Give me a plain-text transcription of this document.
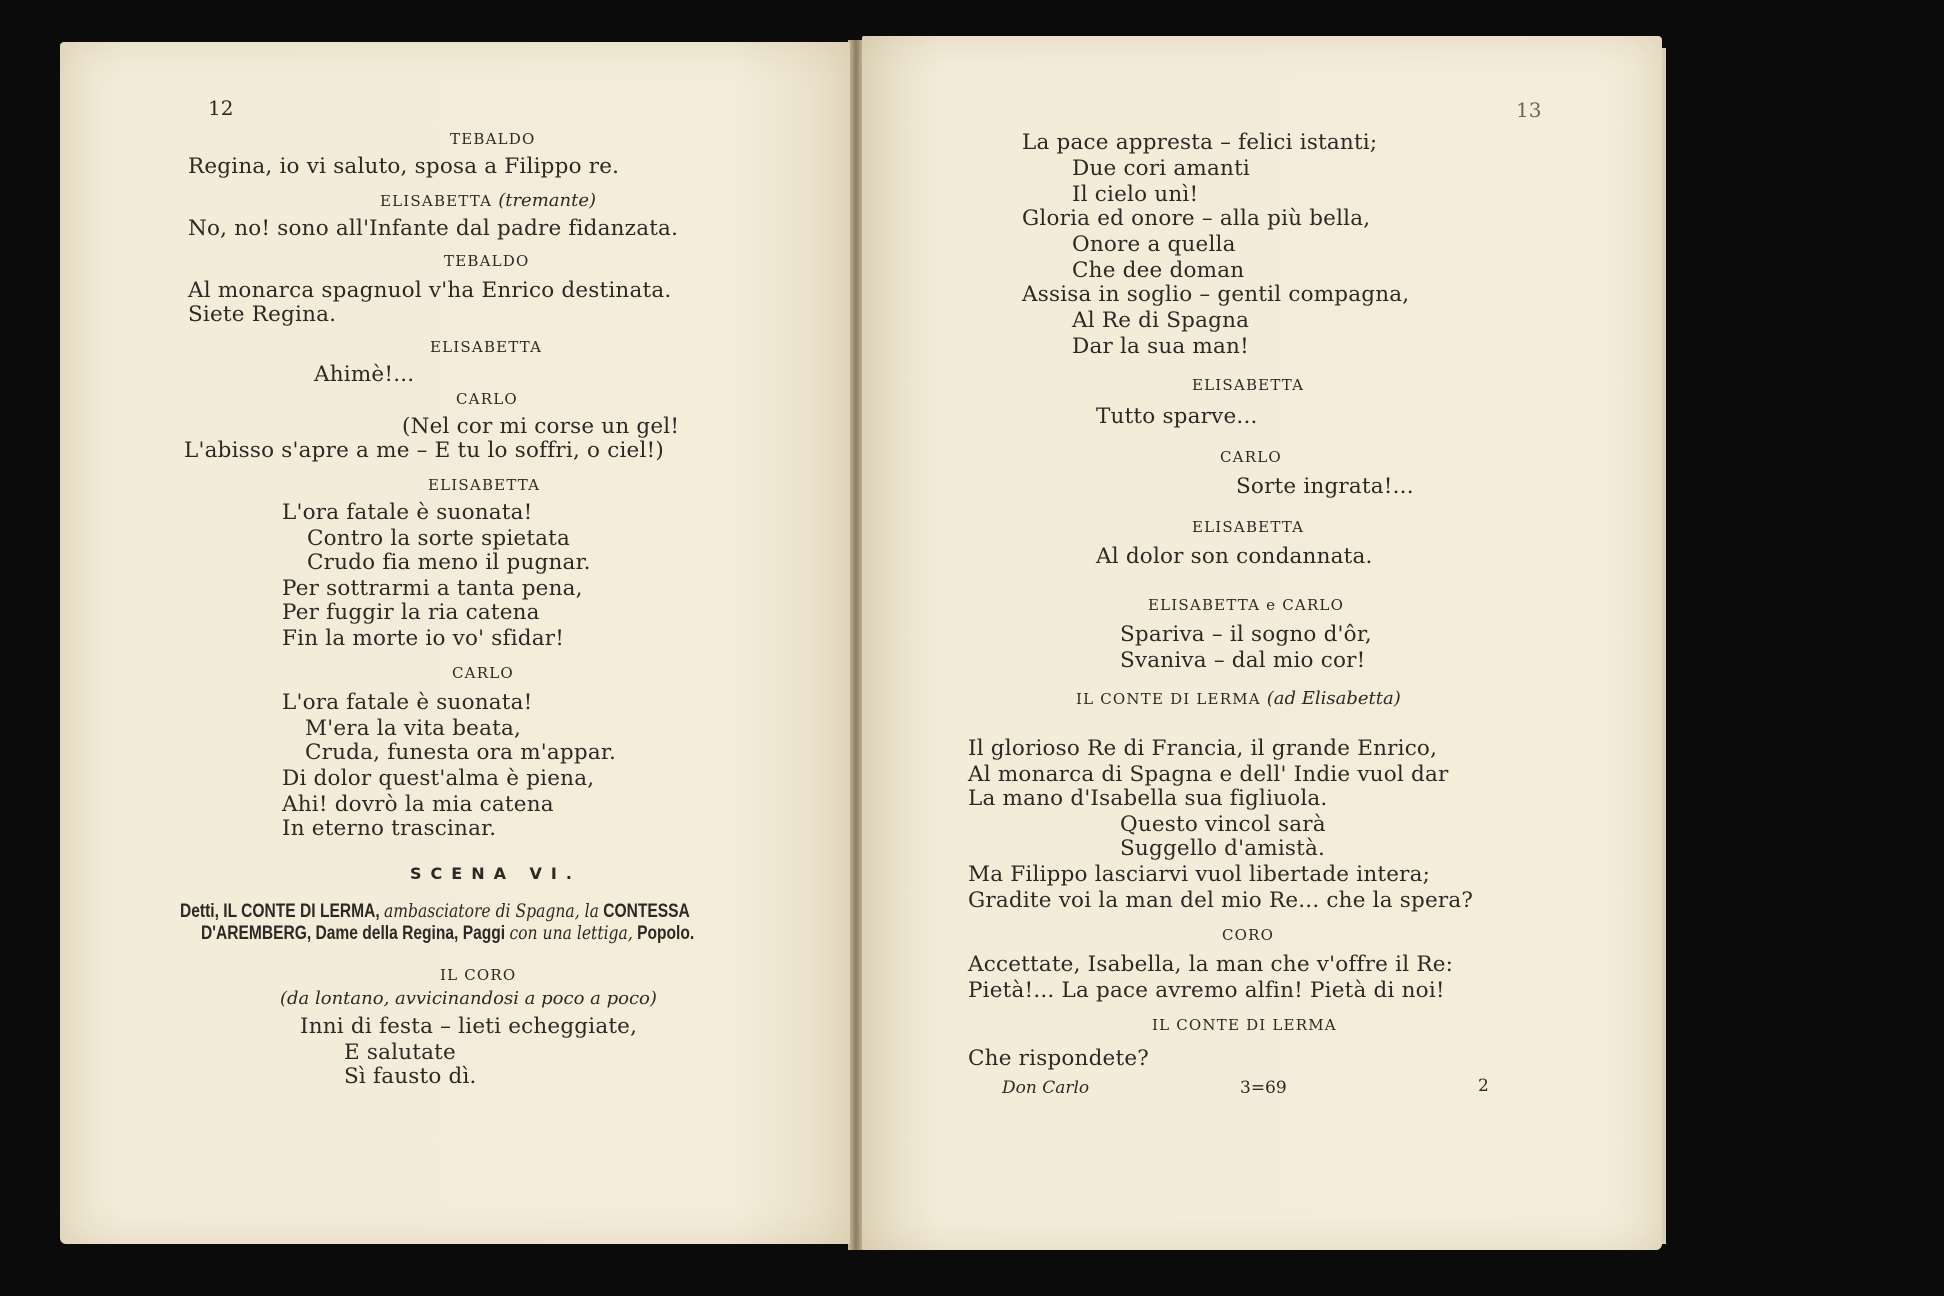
12
TEBALDO
Regina, io vi saluto, sposa a Filippo re.
ELISABETTA (tremante)
No, no! sono all'Infante dal padre fidanzata.
TEBALDO
Al monarca spagnuol v'ha Enrico destinata.
Siete Regina.
ELISABETTA
Ahimè!...
CARLO
(Nel cor mi corse un gel!
L'abisso s'apre a me – E tu lo soffri, o ciel!)
ELISABETTA
L'ora fatale è suonata!
Contro la sorte spietata
Crudo fia meno il pugnar.
Per sottrarmi a tanta pena,
Per fuggir la ria catena
Fin la morte io vo' sfidar!
CARLO
L'ora fatale è suonata!
M'era la vita beata,
Cruda, funesta ora m'appar.
Di dolor quest'alma è piena,
Ahi! dovrò la mia catena
In eterno trascinar.
SCENA VI.
Detti, IL CONTE DI LERMA, ambasciatore di Spagna, la CONTESSA
D'AREMBERG, Dame della Regina, Paggi con una lettiga, Popolo.
IL CORO
(da lontano, avvicinandosi a poco a poco)
Inni di festa – lieti echeggiate,
E salutate
Sì fausto dì.
13
La pace appresta – felici istanti;
Due cori amanti
Il cielo unì!
Gloria ed onore – alla più bella,
Onore a quella
Che dee doman
Assisa in soglio – gentil compagna,
Al Re di Spagna
Dar la sua man!
ELISABETTA
Tutto sparve...
CARLO
Sorte ingrata!...
ELISABETTA
Al dolor son condannata.
ELISABETTA e CARLO
Spariva – il sogno d'ôr,
Svaniva – dal mio cor!
IL CONTE DI LERMA (ad Elisabetta)
Il glorioso Re di Francia, il grande Enrico,
Al monarca di Spagna e dell' Indie vuol dar
La mano d'Isabella sua figliuola.
Questo vincol sarà
Suggello d'amistà.
Ma Filippo lasciarvi vuol libertade intera;
Gradite voi la man del mio Re... che la spera?
CORO
Accettate, Isabella, la man che v'offre il Re:
Pietà!... La pace avremo alfin! Pietà di noi!
IL CONTE DI LERMA
Che rispondete?
Don Carlo	3=69	2
